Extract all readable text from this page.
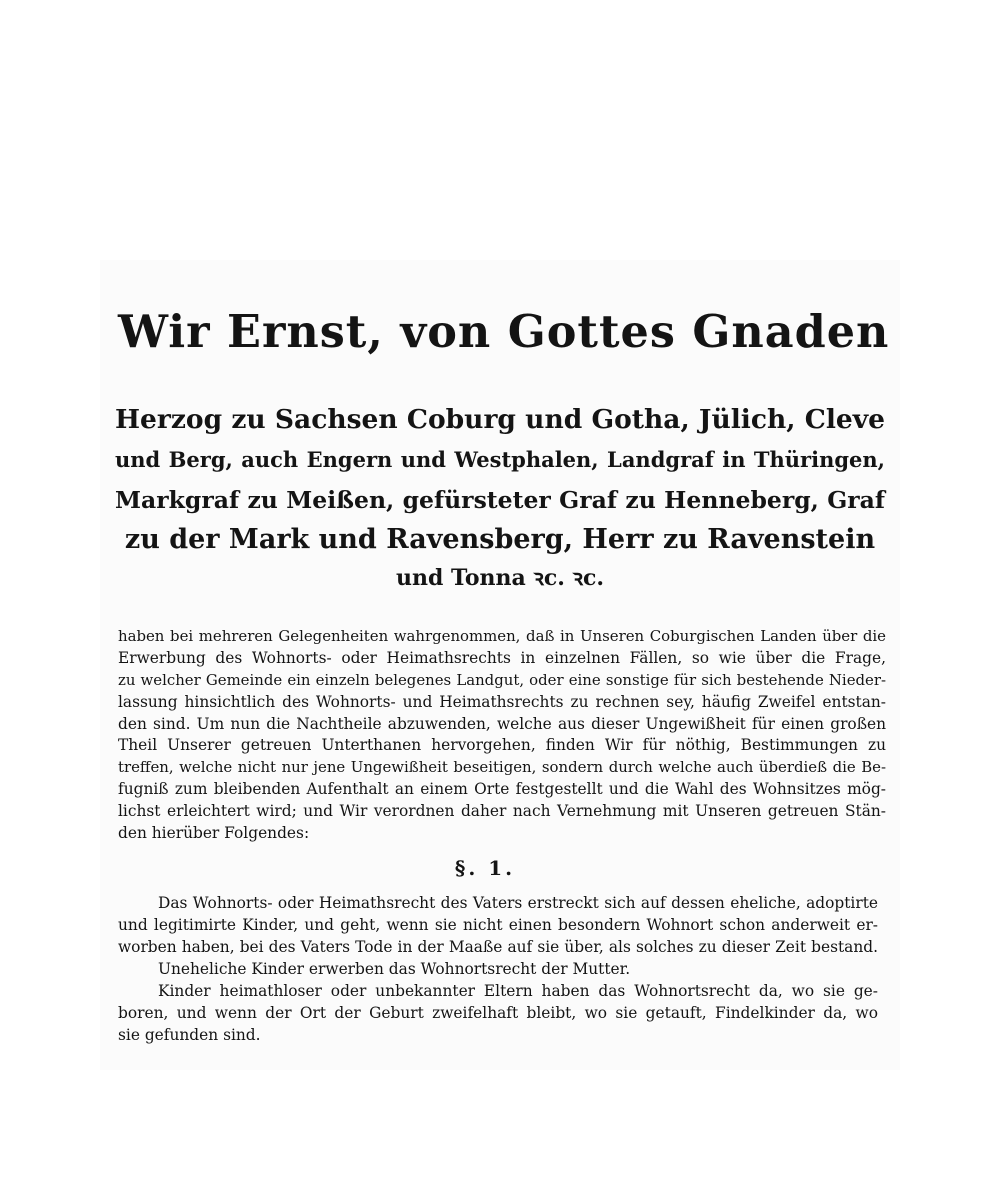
Wir Ernst, von Gottes Gnaden
Herzog zu Sachsen Coburg und Gotha, Jülich, Cleve
und Berg, auch Engern und Westphalen, Landgraf in Thüringen,
Markgraf zu Meißen, gefürsteter Graf zu Henneberg, Graf
zu der Mark und Ravensberg, Herr zu Ravenstein
und Tonna ꝛc. ꝛc.
haben bei mehreren Gelegenheiten wahrgenommen, daß in Unseren Coburgischen Landen über die
Erwerbung des Wohnorts- oder Heimathsrechts in einzelnen Fällen, so wie über die Frage,
zu welcher Gemeinde ein einzeln belegenes Landgut, oder eine sonstige für sich bestehende Nieder-
lassung hinsichtlich des Wohnorts- und Heimathsrechts zu rechnen sey, häufig Zweifel entstan-
den sind. Um nun die Nachtheile abzuwenden, welche aus dieser Ungewißheit für einen großen
Theil Unserer getreuen Unterthanen hervorgehen, finden Wir für nöthig, Bestimmungen zu
treffen, welche nicht nur jene Ungewißheit beseitigen, sondern durch welche auch überdieß die Be-
fugniß zum bleibenden Aufenthalt an einem Orte festgestellt und die Wahl des Wohnsitzes mög-
lichst erleichtert wird; und Wir verordnen daher nach Vernehmung mit Unseren getreuen Stän-
den hierüber Folgendes:
§. 1.
Das Wohnorts- oder Heimathsrecht des Vaters erstreckt sich auf dessen eheliche, adoptirte
und legitimirte Kinder, und geht, wenn sie nicht einen besondern Wohnort schon anderweit er-
worben haben, bei des Vaters Tode in der Maaße auf sie über, als solches zu dieser Zeit bestand.
Uneheliche Kinder erwerben das Wohnortsrecht der Mutter.
Kinder heimathloser oder unbekannter Eltern haben das Wohnortsrecht da, wo sie ge-
boren, und wenn der Ort der Geburt zweifelhaft bleibt, wo sie getauft, Findelkinder da, wo
sie gefunden sind.
